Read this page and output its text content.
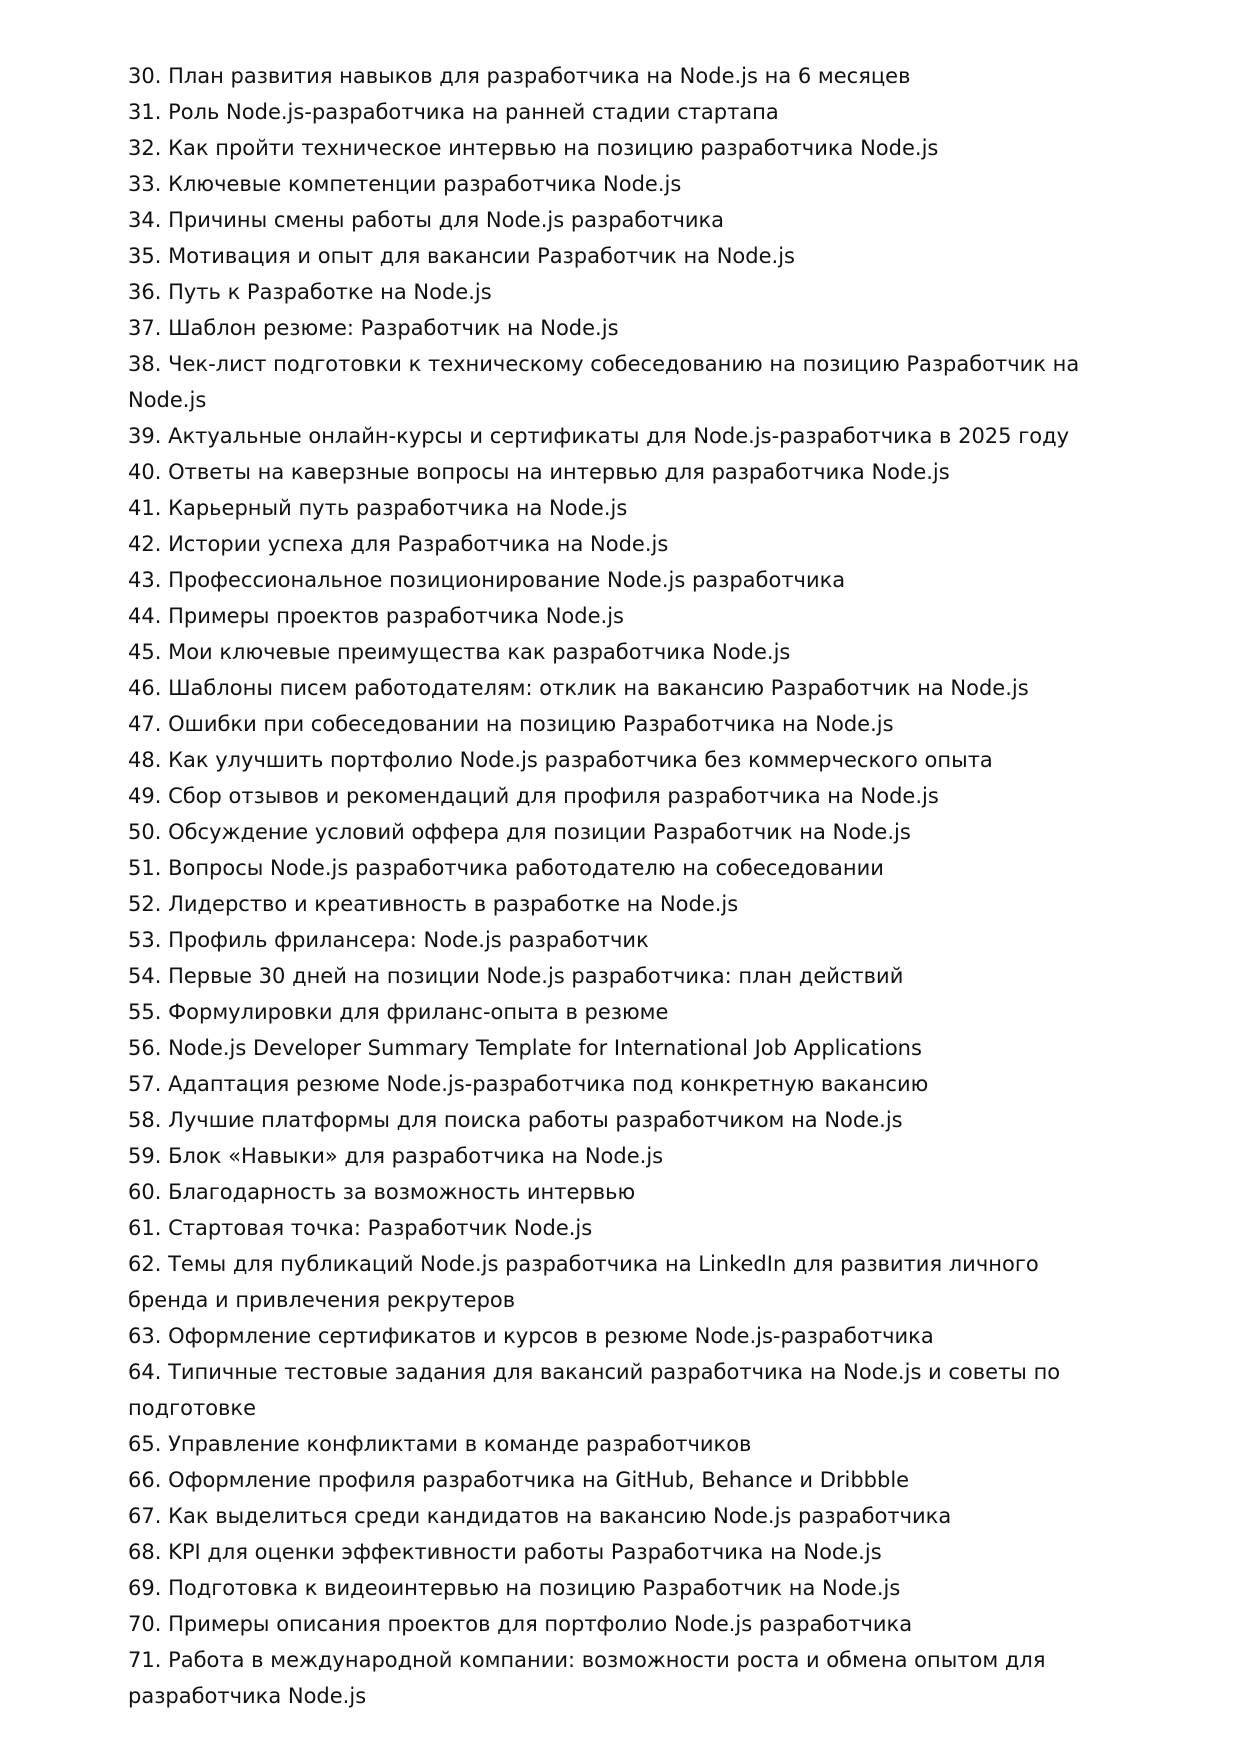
30. План развития навыков для разработчика на Node.js на 6 месяцев
31. Роль Node.js-разработчика на ранней стадии стартапа
32. Как пройти техническое интервью на позицию разработчика Node.js
33. Ключевые компетенции разработчика Node.js
34. Причины смены работы для Node.js разработчика
35. Мотивация и опыт для вакансии Разработчик на Node.js
36. Путь к Разработке на Node.js
37. Шаблон резюме: Разработчик на Node.js
38. Чек-лист подготовки к техническому собеседованию на позицию Разработчик на Node.js
39. Актуальные онлайн-курсы и сертификаты для Node.js-разработчика в 2025 году
40. Ответы на каверзные вопросы на интервью для разработчика Node.js
41. Карьерный путь разработчика на Node.js
42. Истории успеха для Разработчика на Node.js
43. Профессиональное позиционирование Node.js разработчика
44. Примеры проектов разработчика Node.js
45. Мои ключевые преимущества как разработчика Node.js
46. Шаблоны писем работодателям: отклик на вакансию Разработчик на Node.js
47. Ошибки при собеседовании на позицию Разработчика на Node.js
48. Как улучшить портфолио Node.js разработчика без коммерческого опыта
49. Сбор отзывов и рекомендаций для профиля разработчика на Node.js
50. Обсуждение условий оффера для позиции Разработчик на Node.js
51. Вопросы Node.js разработчика работодателю на собеседовании
52. Лидерство и креативность в разработке на Node.js
53. Профиль фрилансера: Node.js разработчик
54. Первые 30 дней на позиции Node.js разработчика: план действий
55. Формулировки для фриланс-опыта в резюме
56. Node.js Developer Summary Template for International Job Applications
57. Адаптация резюме Node.js-разработчика под конкретную вакансию
58. Лучшие платформы для поиска работы разработчиком на Node.js
59. Блок «Навыки» для разработчика на Node.js
60. Благодарность за возможность интервью
61. Стартовая точка: Разработчик Node.js
62. Темы для публикаций Node.js разработчика на LinkedIn для развития личного бренда и привлечения рекрутеров
63. Оформление сертификатов и курсов в резюме Node.js-разработчика
64. Типичные тестовые задания для вакансий разработчика на Node.js и советы по подготовке
65. Управление конфликтами в команде разработчиков
66. Оформление профиля разработчика на GitHub, Behance и Dribbble
67. Как выделиться среди кандидатов на вакансию Node.js разработчика
68. KPI для оценки эффективности работы Разработчика на Node.js
69. Подготовка к видеоинтервью на позицию Разработчик на Node.js
70. Примеры описания проектов для портфолио Node.js разработчика
71. Работа в международной компании: возможности роста и обмена опытом для разработчика Node.js
